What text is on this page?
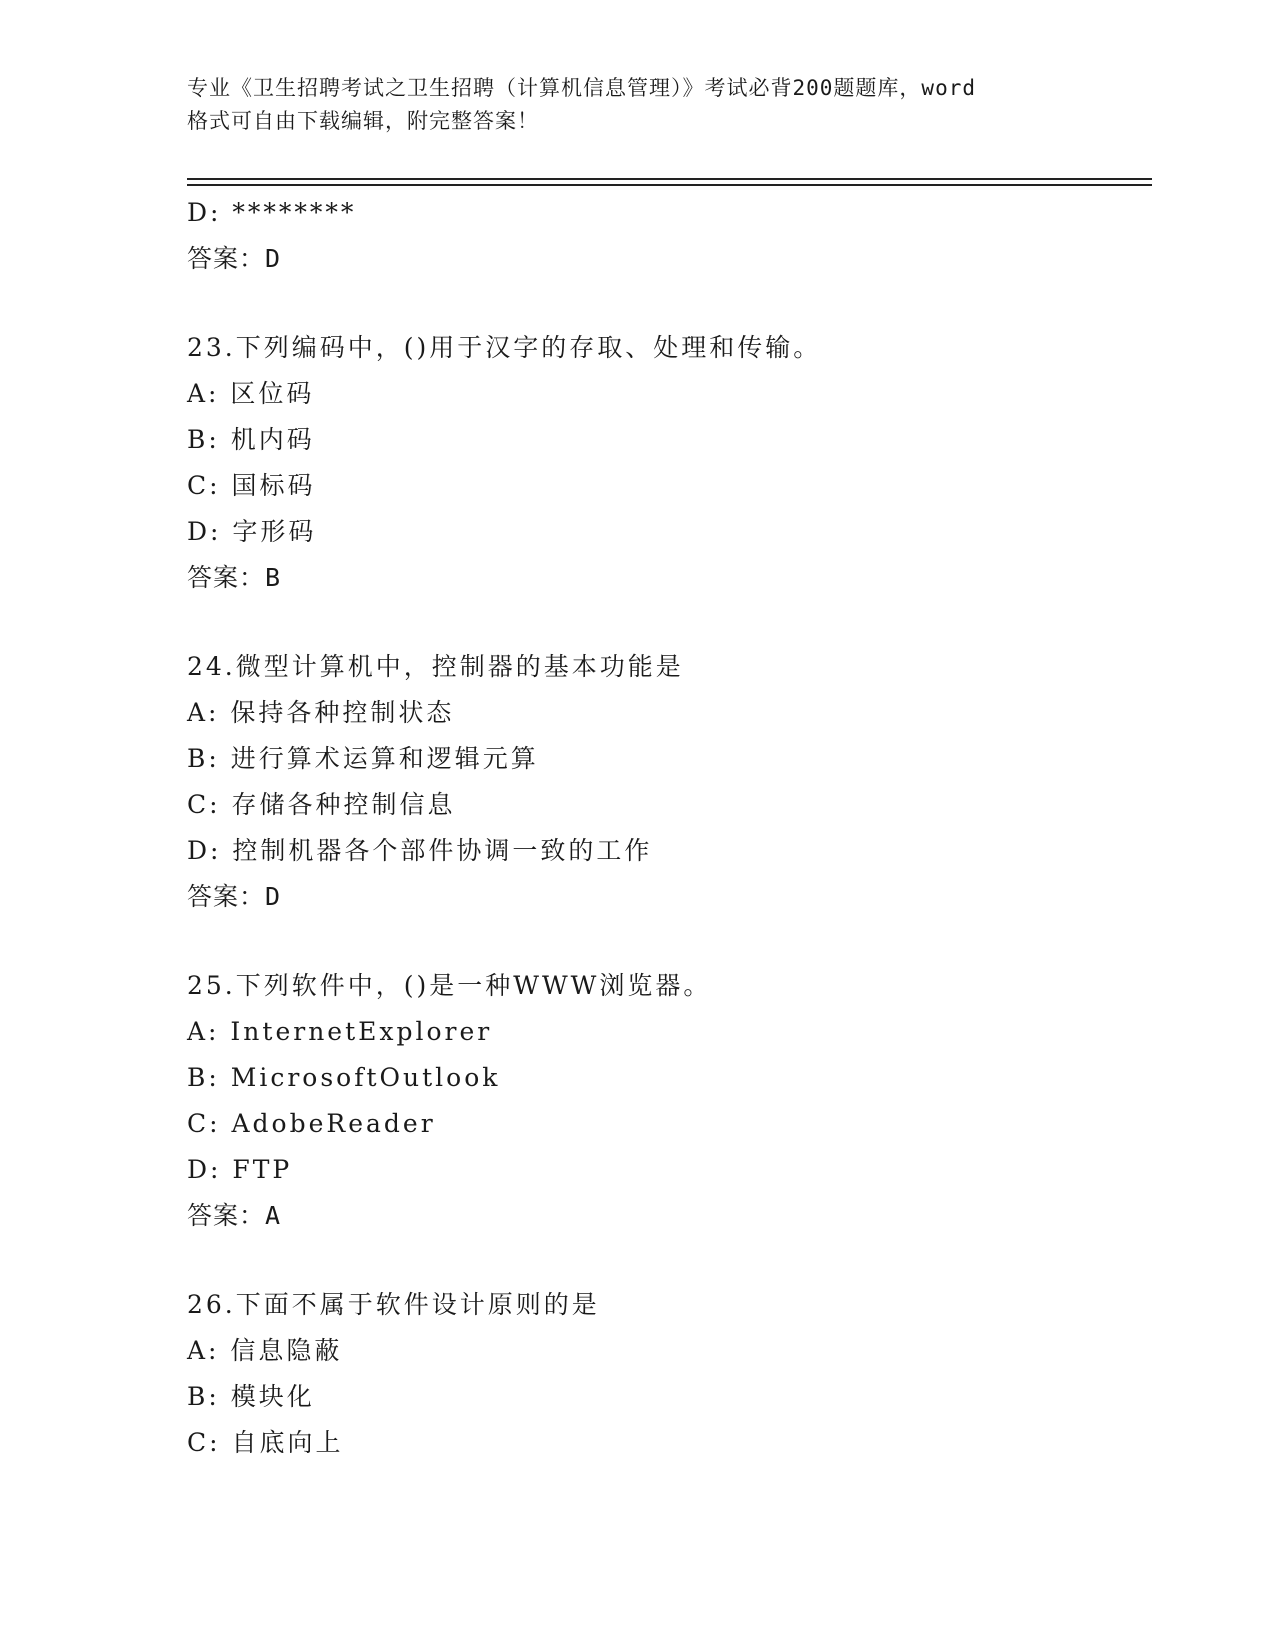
专业《卫生招聘考试之卫生招聘（计算机信息管理）》考试必背200题题库，word
格式可自由下载编辑，附完整答案！
D: ********
答案：D
23.下列编码中，()用于汉字的存取、处理和传输。
A: 区位码
B: 机内码
C: 国标码
D: 字形码
答案：B
24.微型计算机中，控制器的基本功能是
A: 保持各种控制状态
B: 进行算术运算和逻辑元算
C: 存储各种控制信息
D: 控制机器各个部件协调一致的工作
答案：D
25.下列软件中，()是一种WWW浏览器。
A: InternetExplorer
B: MicrosoftOutlook
C: AdobeReader
D: FTP
答案：A
26.下面不属于软件设计原则的是
A: 信息隐蔽
B: 模块化
C: 自底向上
